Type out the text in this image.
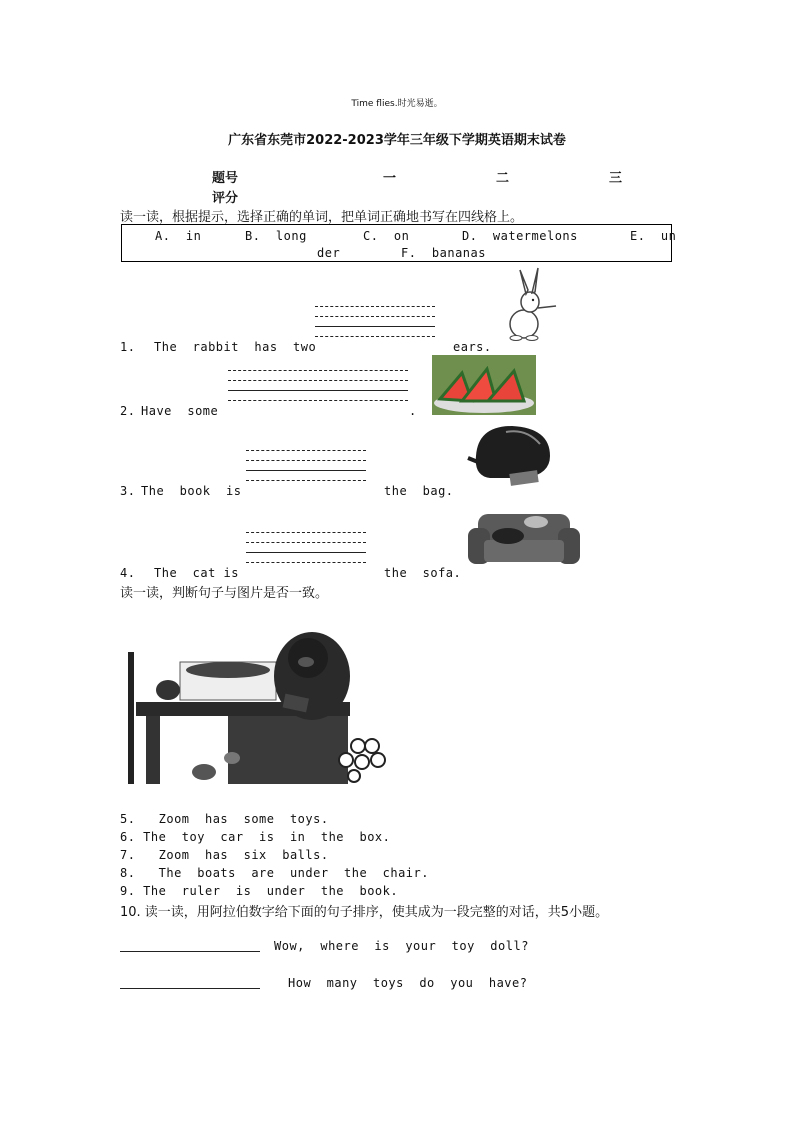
Time flies.时光易逝。
广东省东莞市2022-2023学年三年级下学期英语期末试卷
题号	一	二	三
评分
读一读，根据提示，选择正确的单词，把单词正确地书写在四线格上。
A.  in	B.  long	C.  on	D.  watermelons	E.  un
der	F.  bananas
1. The  rabbit  has  two	ears.
2. Have  some	.
3. The  book  is	the  bag.
4. The  cat is	the  sofa.
读一读，判断句子与图片是否一致。
5.   Zoom  has  some  toys.
6. The  toy  car  is  in  the  box.
7.   Zoom  has  six  balls.
8.   The  boats  are  under  the  chair.
9. The  ruler  is  under  the  book.
10. 读一读，用阿拉伯数字给下面的句子排序，使其成为一段完整的对话，共5小题。
Wow,  where  is  your  toy  doll?
How  many  toys  do  you  have?
